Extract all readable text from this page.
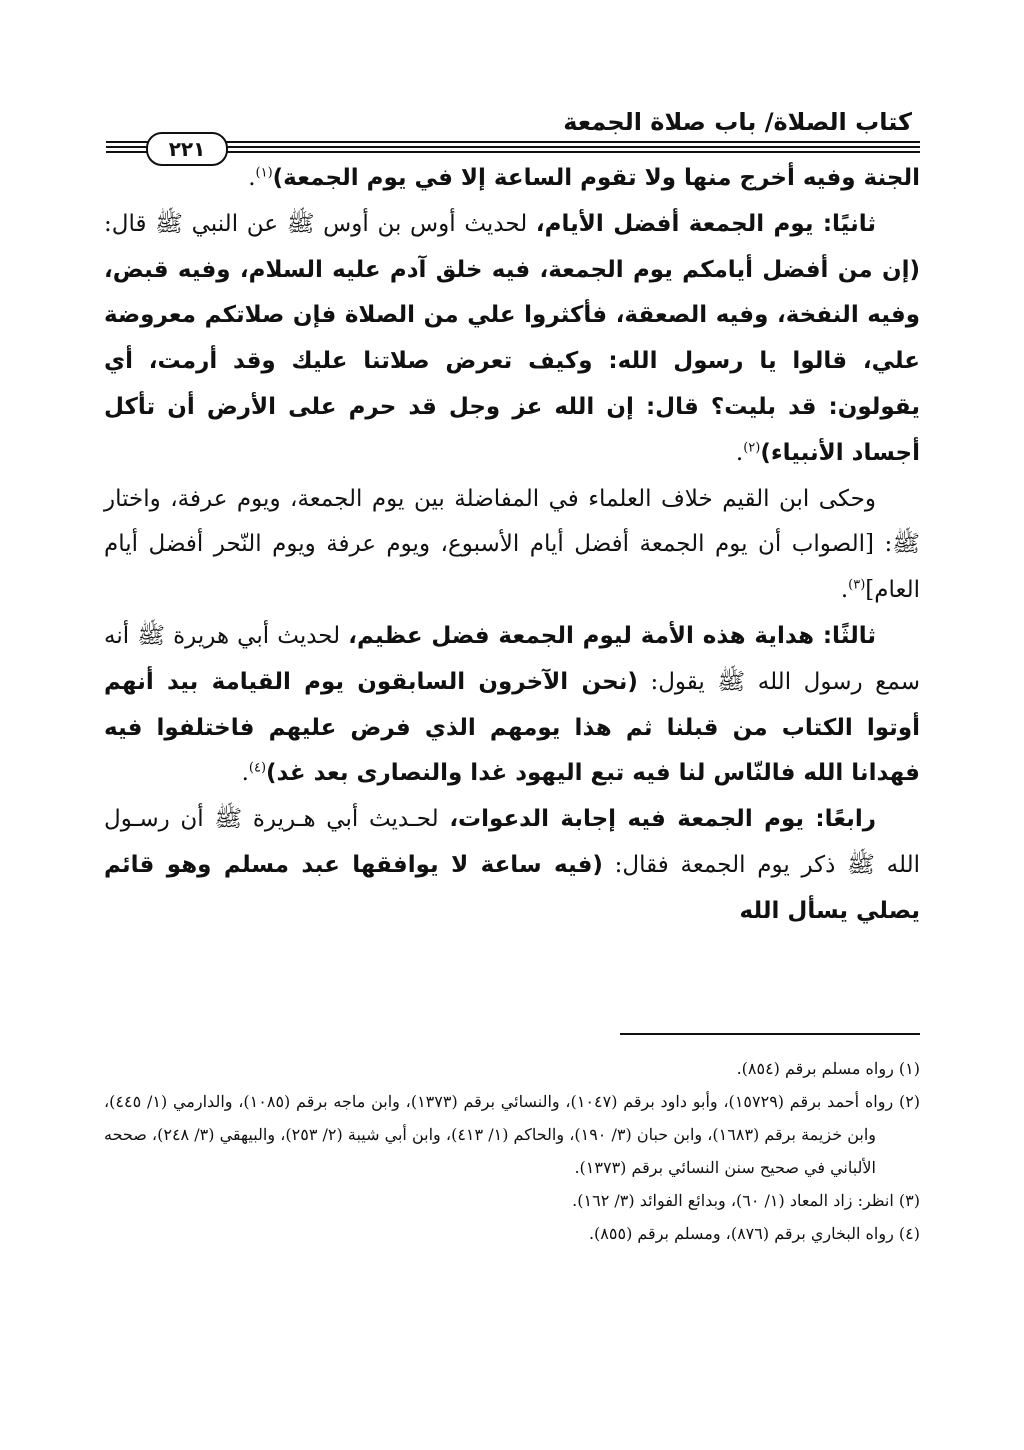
كتاب الصلاة/ باب صلاة الجمعة
٢٢١

الجنة وفيه أخرج منها ولا تقوم الساعة إلا في يوم الجمعة)$^{(١)}$.

ثانيًا: يوم الجمعة أفضل الأيام، لحديث أوس بن أوس ﷺ عن النبي ﷺ قال: (إن من أفضل أيامكم يوم الجمعة، فيه خلق آدم عليه السلام، وفيه قبض، وفيه النفخة، وفيه الصعقة، فأكثروا علي من الصلاة فإن صلاتكم معروضة علي، قالوا يا رسول الله: وكيف تعرض صلاتنا عليك وقد أرمت، أي يقولون: قد بليت؟ قال: إن الله عز وجل قد حرم على الأرض أن تأكل أجساد الأنبياء)$^{(٢)}$.

وحكى ابن القيم خلاف العلماء في المفاضلة بين يوم الجمعة، ويوم عرفة، واختار ﷺ: [الصواب أن يوم الجمعة أفضل أيام الأسبوع، ويوم عرفة ويوم النّحر أفضل أيام العام]$^{(٣)}$.

ثالثًا: هداية هذه الأمة ليوم الجمعة فضل عظيم، لحديث أبي هريرة ﷺ أنه سمع رسول الله ﷺ يقول: (نحن الآخرون السابقون يوم القيامة بيد أنهم أوتوا الكتاب من قبلنا ثم هذا يومهم الذي فرض عليهم فاختلفوا فيه فهدانا الله فالنّاس لنا فيه تبع اليهود غدا والنصارى بعد غد)$^{(٤)}$.

رابعًا: يوم الجمعة فيه إجابة الدعوات، لحـديث أبي هـريرة ﷺ أن رسـول الله ﷺ ذكر يوم الجمعة فقال: (فيه ساعة لا يوافقها عبد مسلم وهو قائم يصلي يسأل الله

(١) رواه مسلم برقم (٨٥٤).

(٢) رواه أحمد برقم (١٥٧٢٩)، وأبو داود برقم (١٠٤٧)، والنسائي برقم (١٣٧٣)، وابن ماجه برقم (١٠٨٥)، والدارمي (١/ ٤٤٥)، وابن خزيمة برقم (١٦٨٣)، وابن حبان (٣/ ١٩٠)، والحاكم (١/ ٤١٣)، وابن أبي شيبة (٢/ ٢٥٣)، والبيهقي (٣/ ٢٤٨)، صححه الألباني في صحيح سنن النسائي برقم (١٣٧٣).

(٣) انظر: زاد المعاد (١/ ٦٠)، وبدائع الفوائد (٣/ ١٦٢).

(٤) رواه البخاري برقم (٨٧٦)، ومسلم برقم (٨٥٥).
